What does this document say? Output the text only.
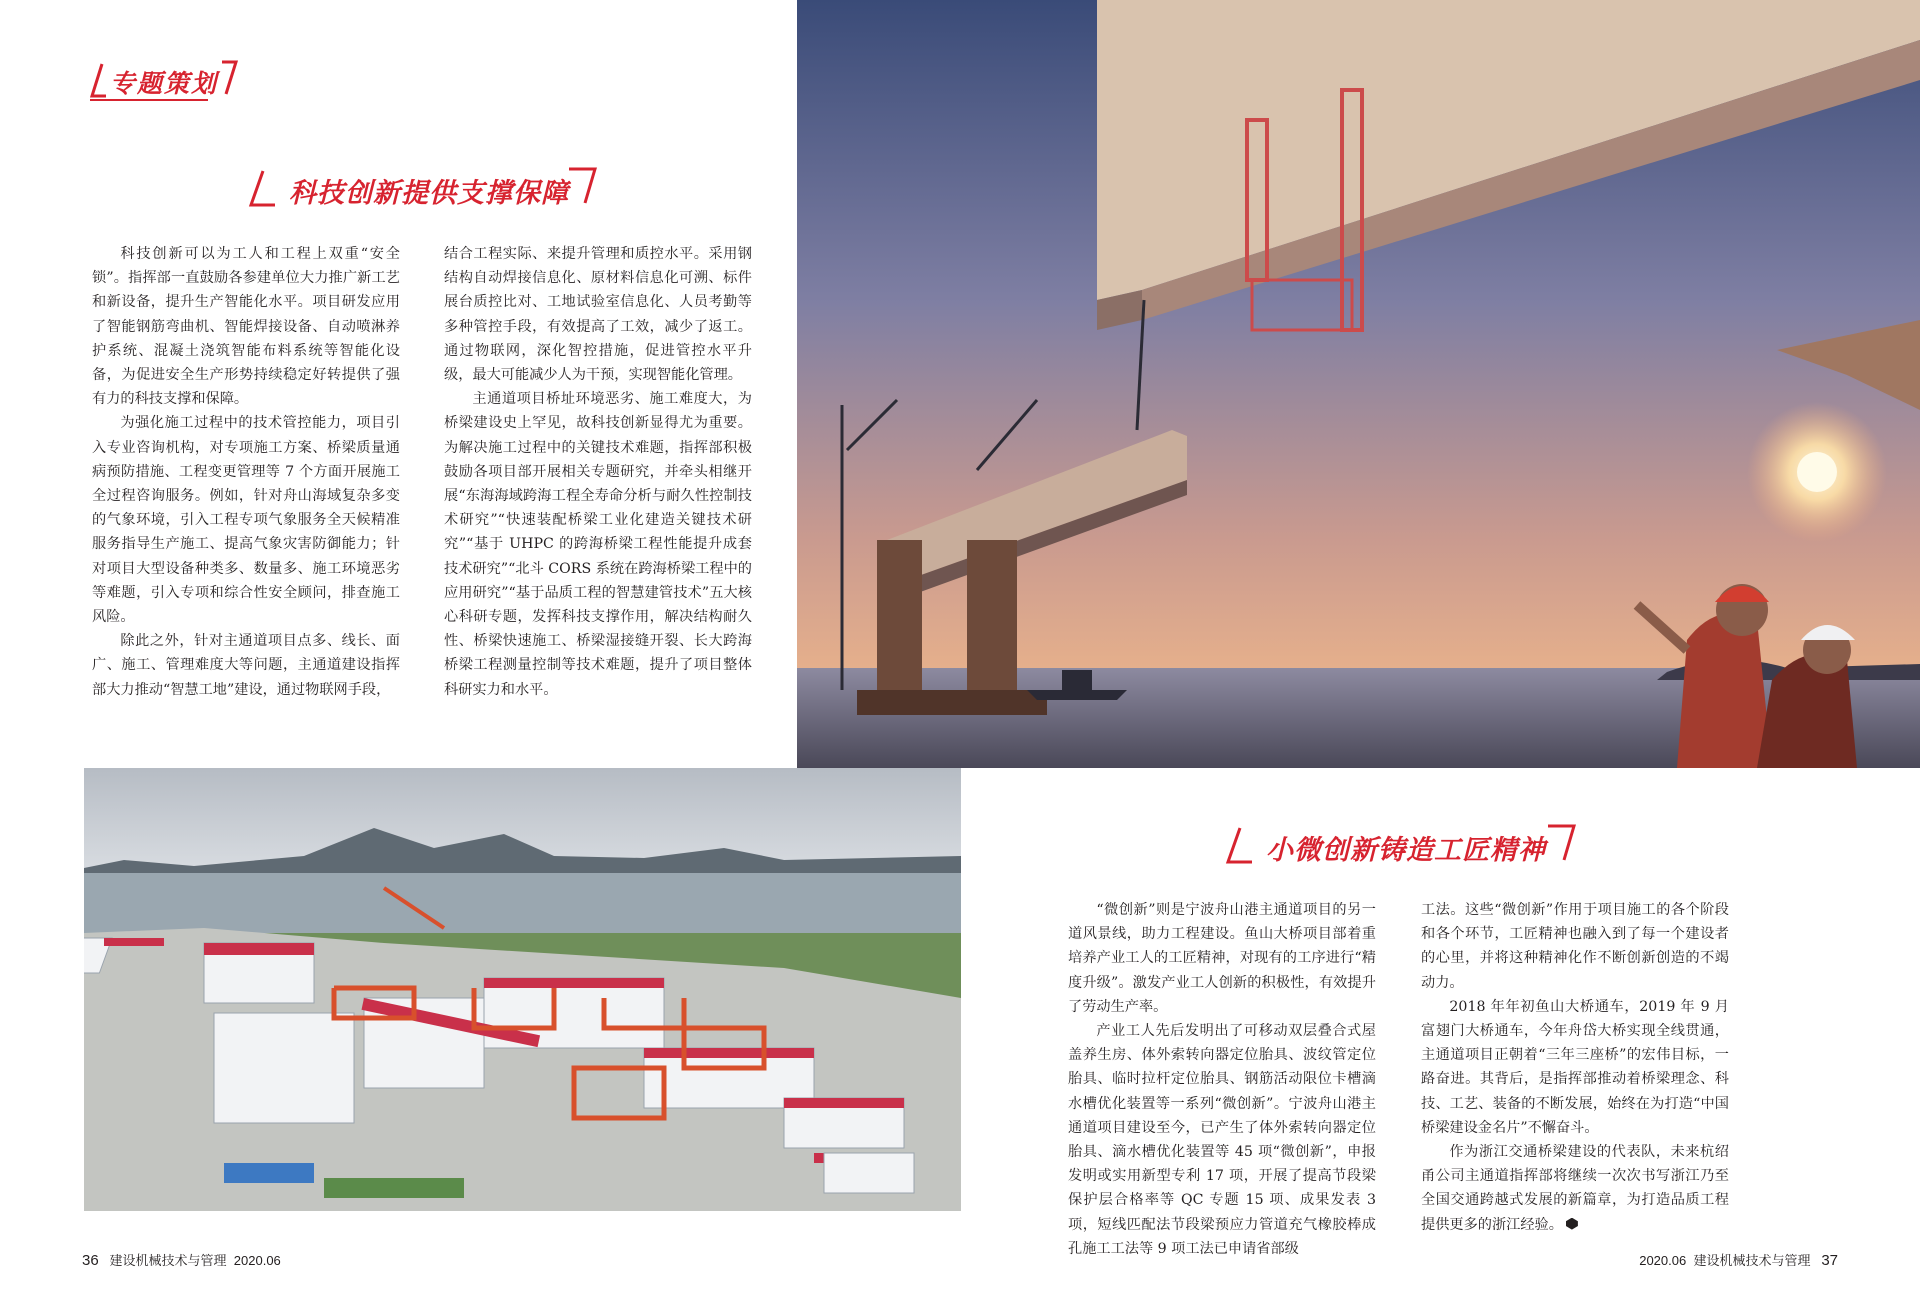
专题策划
科技创新提供支撑保障

科技创新可以为工人和工程上双重“安全锁”。指挥部一直鼓励各参建单位大力推广新工艺和新设备，提升生产智能化水平。项目研发应用了智能钢筋弯曲机、智能焊接设备、自动喷淋养护系统、混凝土浇筑智能布料系统等智能化设备，为促进安全生产形势持续稳定好转提供了强有力的科技支撑和保障。

为强化施工过程中的技术管控能力，项目引入专业咨询机构，对专项施工方案、桥梁质量通病预防措施、工程变更管理等 7 个方面开展施工全过程咨询服务。例如，针对舟山海域复杂多变的气象环境，引入工程专项气象服务全天候精准服务指导生产施工、提高气象灾害防御能力；针对项目大型设备种类多、数量多、施工环境恶劣等难题，引入专项和综合性安全顾问，排查施工风险。

除此之外，针对主通道项目点多、线长、面广、施工、管理难度大等问题，主通道建设指挥部大力推动“智慧工地”建设，通过物联网手段，

结合工程实际、来提升管理和质控水平。采用钢结构自动焊接信息化、原材料信息化可溯、标件展台质控比对、工地试验室信息化、人员考勤等多种管控手段，有效提高了工效，减少了返工。通过物联网，深化智控措施，促进管控水平升级，最大可能减少人为干预，实现智能化管理。

主通道项目桥址环境恶劣、施工难度大，为桥梁建设史上罕见，故科技创新显得尤为重要。为解决施工过程中的关键技术难题，指挥部积极鼓励各项目部开展相关专题研究，并牵头相继开展“东海海域跨海工程全寿命分析与耐久性控制技术研究”“快速装配桥梁工业化建造关键技术研究”“基于 UHPC 的跨海桥梁工程性能提升成套技术研究”“北斗 CORS 系统在跨海桥梁工程中的应用研究”“基于品质工程的智慧建管技术”五大核心科研专题，发挥科技支撑作用，解决结构耐久性、桥梁快速施工、桥梁湿接缝开裂、长大跨海桥梁工程测量控制等技术难题，提升了项目整体科研实力和水平。

小微创新铸造工匠精神

“微创新”则是宁波舟山港主通道项目的另一道风景线，助力工程建设。鱼山大桥项目部着重培养产业工人的工匠精神，对现有的工序进行“精度升级”。激发产业工人创新的积极性，有效提升了劳动生产率。

产业工人先后发明出了可移动双层叠合式屋盖养生房、体外索转向器定位胎具、波纹管定位胎具、临时拉杆定位胎具、钢筋活动限位卡槽滴水槽优化装置等一系列“微创新”。宁波舟山港主通道项目建设至今，已产生了体外索转向器定位胎具、滴水槽优化装置等 45 项“微创新”，申报发明或实用新型专利 17 项，开展了提高节段梁保护层合格率等 QC 专题 15 项、成果发表 3 项，短线匹配法节段梁预应力管道充气橡胶棒成孔施工工法等 9 项工法已申请省部级

工法。这些“微创新”作用于项目施工的各个阶段和各个环节，工匠精神也融入到了每一个建设者的心里，并将这种精神化作不断创新创造的不竭动力。

2018 年年初鱼山大桥通车，2019 年 9 月富翅门大桥通车，今年舟岱大桥实现全线贯通，主通道项目正朝着“三年三座桥”的宏伟目标，一路奋进。其背后，是指挥部推动着桥梁理念、科技、工艺、装备的不断发展，始终在为打造“中国桥梁建设金名片”不懈奋斗。

作为浙江交通桥梁建设的代表队，未来杭绍甬公司主通道指挥部将继续一次次书写浙江乃至全国交通跨越式发展的新篇章，为打造品质工程提供更多的浙江经验。

36 建设机械技术与管理 2020.06	2020.06 建设机械技术与管理 37
